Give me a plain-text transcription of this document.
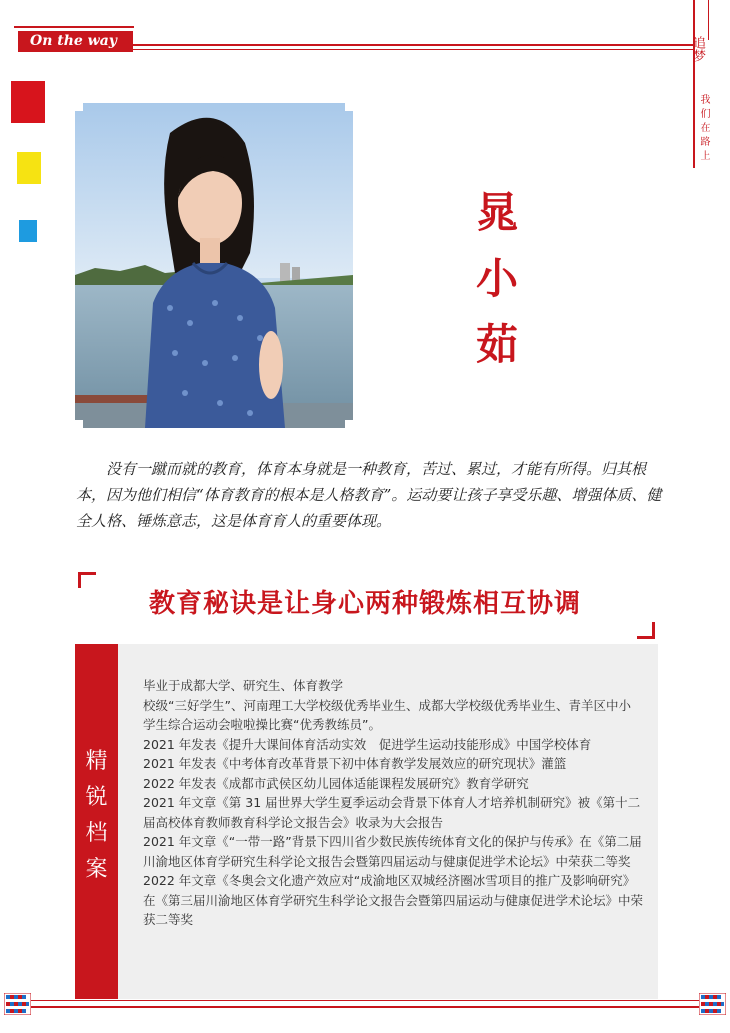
On the way	追梦
我们在路上
晁
小
茹
没有一蹴而就的教育，体育本身就是一种教育，苦过、累过，才能有所得。归其根本，因为他们相信“体育教育的根本是人格教育”。运动要让孩子享受乐趣、增强体质、健全人格、锤炼意志，这是体育育人的重要体现。
教育秘诀是让身心两种锻炼相互协调
精
锐
档
案
毕业于成都大学、研究生、体育教学
校级“三好学生”、河南理工大学校级优秀毕业生、成都大学校级优秀毕业生、青羊区中小学生综合运动会啦啦操比赛“优秀教练员”。
2021 年发表《提升大课间体育活动实效　促进学生运动技能形成》中国学校体育
2021 年发表《中考体育改革背景下初中体育教学发展效应的研究现状》灌篮
2022 年发表《成都市武侯区幼儿园体适能课程发展研究》教育学研究
2021 年文章《第 31 届世界大学生夏季运动会背景下体育人才培养机制研究》被《第十二届高校体育教师教育科学论文报告会》收录为大会报告
2021 年文章《“一带一路”背景下四川省少数民族传统体育文化的保护与传承》在《第二届川渝地区体育学研究生科学论文报告会暨第四届运动与健康促进学术论坛》中荣获二等奖
2022 年文章《冬奥会文化遗产效应对“成渝地区双城经济圈冰雪项目的推广及影响研究》在《第三届川渝地区体育学研究生科学论文报告会暨第四届运动与健康促进学术论坛》中荣获二等奖
